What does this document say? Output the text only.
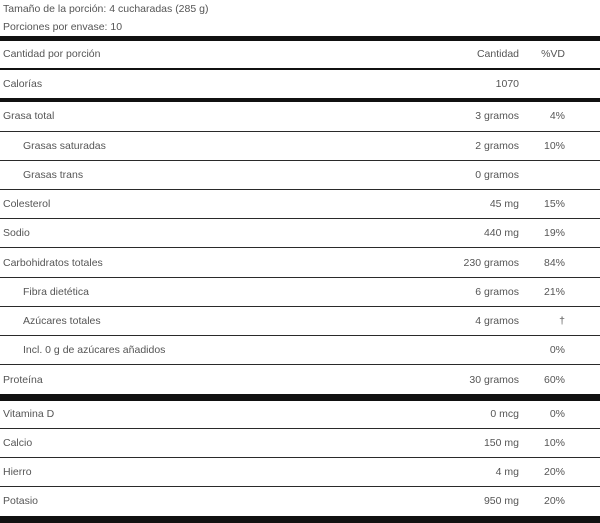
Tamaño de la porción: 4 cucharadas (285 g)
Porciones por envase: 10
Cantidad por porción	Cantidad %VD
Calorías	1070
Grasa total	3 gramos	4%
Grasas saturadas	2 gramos 10%
Grasas trans	0 gramos
Colesterol	45 mg 15%
Sodio	440 mg 19%
Carbohidratos totales	230 gramos 84%
Fibra dietética	6 gramos 21%
Azúcares totales	4 gramos	†
Incl. 0 g de azúcares añadidos	0%
Proteína	30 gramos 60%
Vitamina D	0 mcg	0%
Calcio	150 mg 10%
Hierro	4 mg 20%
Potasio	950 mg 20%
